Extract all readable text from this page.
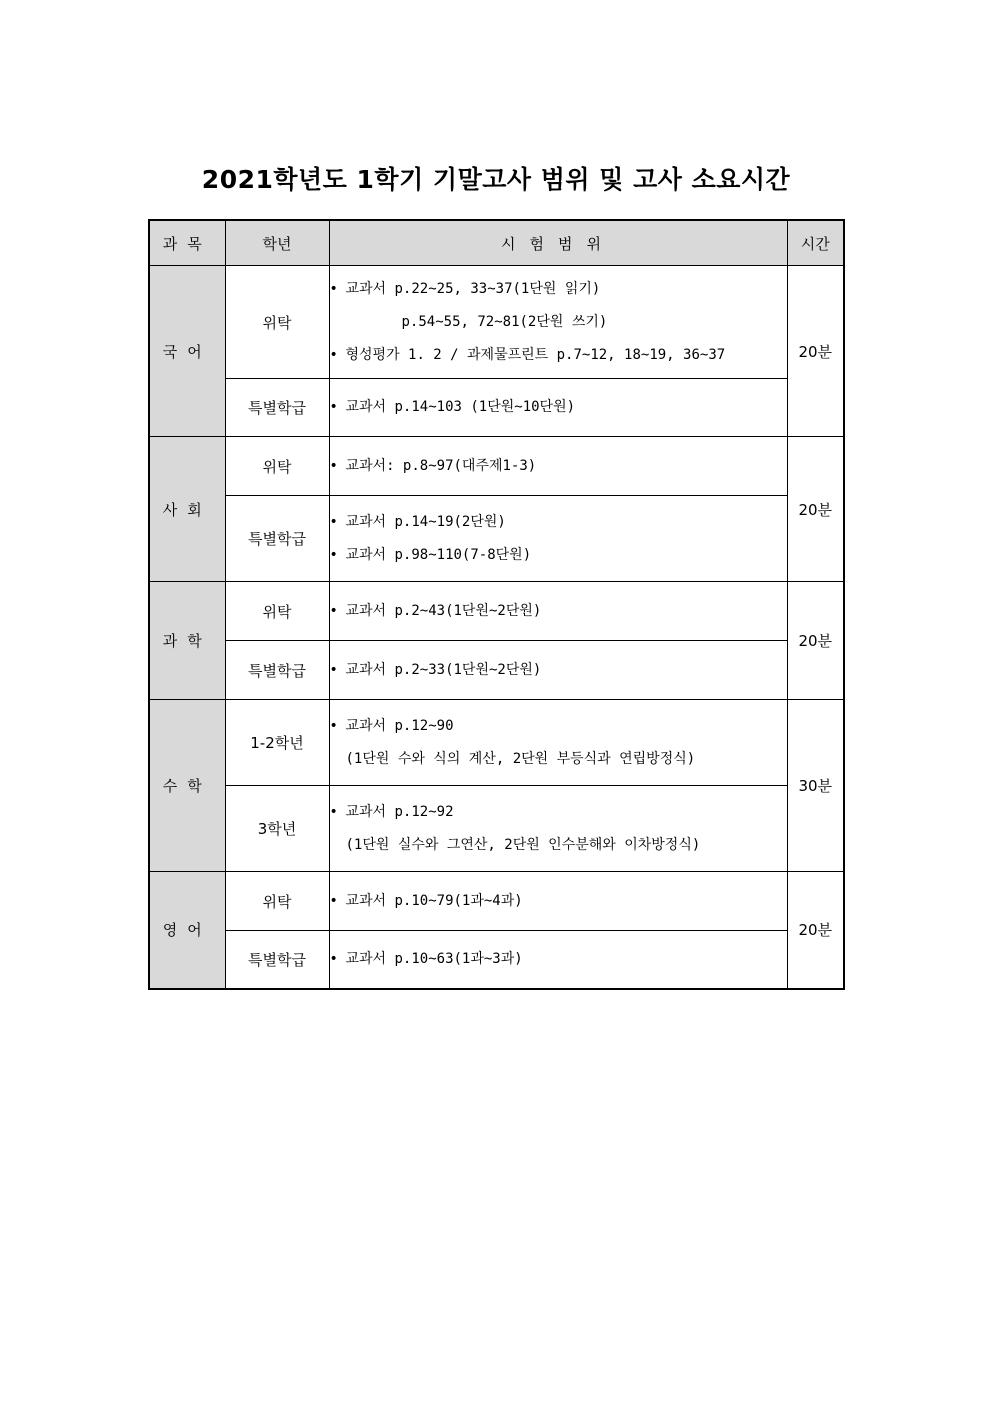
2021학년도 1학기 기말고사 범위 및 고사 소요시간
과목	학년	시험범위	시간
국어	위탁	• 교과서 p.22~25, 33~37(1단원 읽기)
p.54~55, 72~81(2단원 쓰기)
• 형성평가 1. 2 / 과제물프린트 p.7~12, 18~19, 36~37	20분
	특별학급	• 교과서 p.14~103 (1단원~10단원)	

사회	위탁	• 교과서: p.8~97(대주제1-3)	20분
	특별학급	• 교과서 p.14~19(2단원)
• 교과서 p.98~110(7-8단원)	

과학	위탁	• 교과서 p.2~43(1단원~2단원)	20분
	특별학급	• 교과서 p.2~33(1단원~2단원)	

수학	1-2학년	• 교과서 p.12~90
(1단원 수와 식의 계산, 2단원 부등식과 연립방정식)	30분
	3학년	• 교과서 p.12~92
(1단원 실수와 그연산, 2단원 인수분해와 이차방정식)	

영어	위탁	• 교과서 p.10~79(1과~4과)	20분
	특별학급	• 교과서 p.10~63(1과~3과)	
